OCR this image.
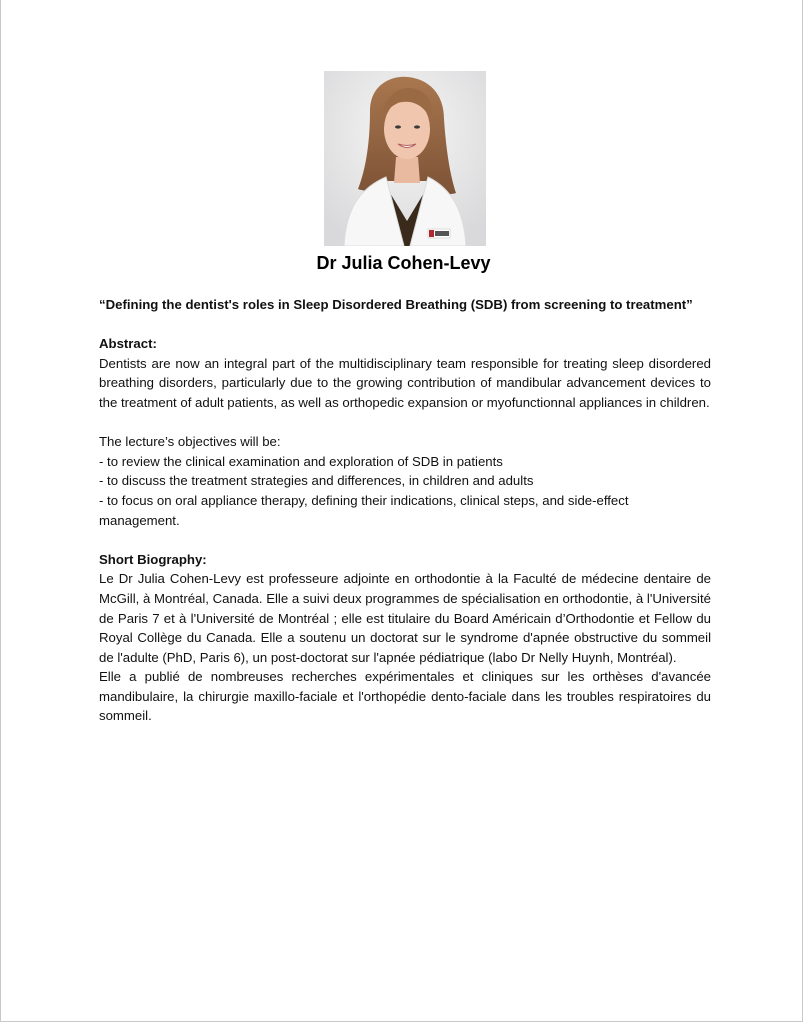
Dr Julia Cohen-Levy

“Defining the dentist's roles in Sleep Disordered Breathing (SDB) from screening to treatment”

Abstract:

Dentists are now an integral part of the multidisciplinary team responsible for treating sleep disordered breathing disorders, particularly due to the growing contribution of mandibular advancement devices to the treatment of adult patients, as well as orthopedic expansion or myofunctionnal appliances in children.

The lecture’s objectives will be:

- to review the clinical examination and exploration of SDB in patients

- to discuss the treatment strategies and differences, in children and adults

- to focus on oral appliance therapy, defining their indications, clinical steps, and side-effect management.

Short Biography:

Le Dr Julia Cohen-Levy est professeure adjointe en orthodontie à la Faculté de médecine dentaire de McGill, à Montréal, Canada. Elle a suivi deux programmes de spécialisation en orthodontie, à l'Université de Paris 7 et à l'Université de Montréal ; elle est titulaire du Board Américain d’Orthodontie et Fellow du Royal Collège du Canada. Elle a soutenu un doctorat sur le syndrome d'apnée obstructive du sommeil de l'adulte (PhD, Paris 6), un post-doctorat sur l'apnée pédiatrique (labo Dr Nelly Huynh, Montréal).

Elle a publié de nombreuses recherches expérimentales et cliniques sur les orthèses d'avancée mandibulaire, la chirurgie maxillo-faciale et l'orthopédie dento-faciale dans les troubles respiratoires du sommeil.
